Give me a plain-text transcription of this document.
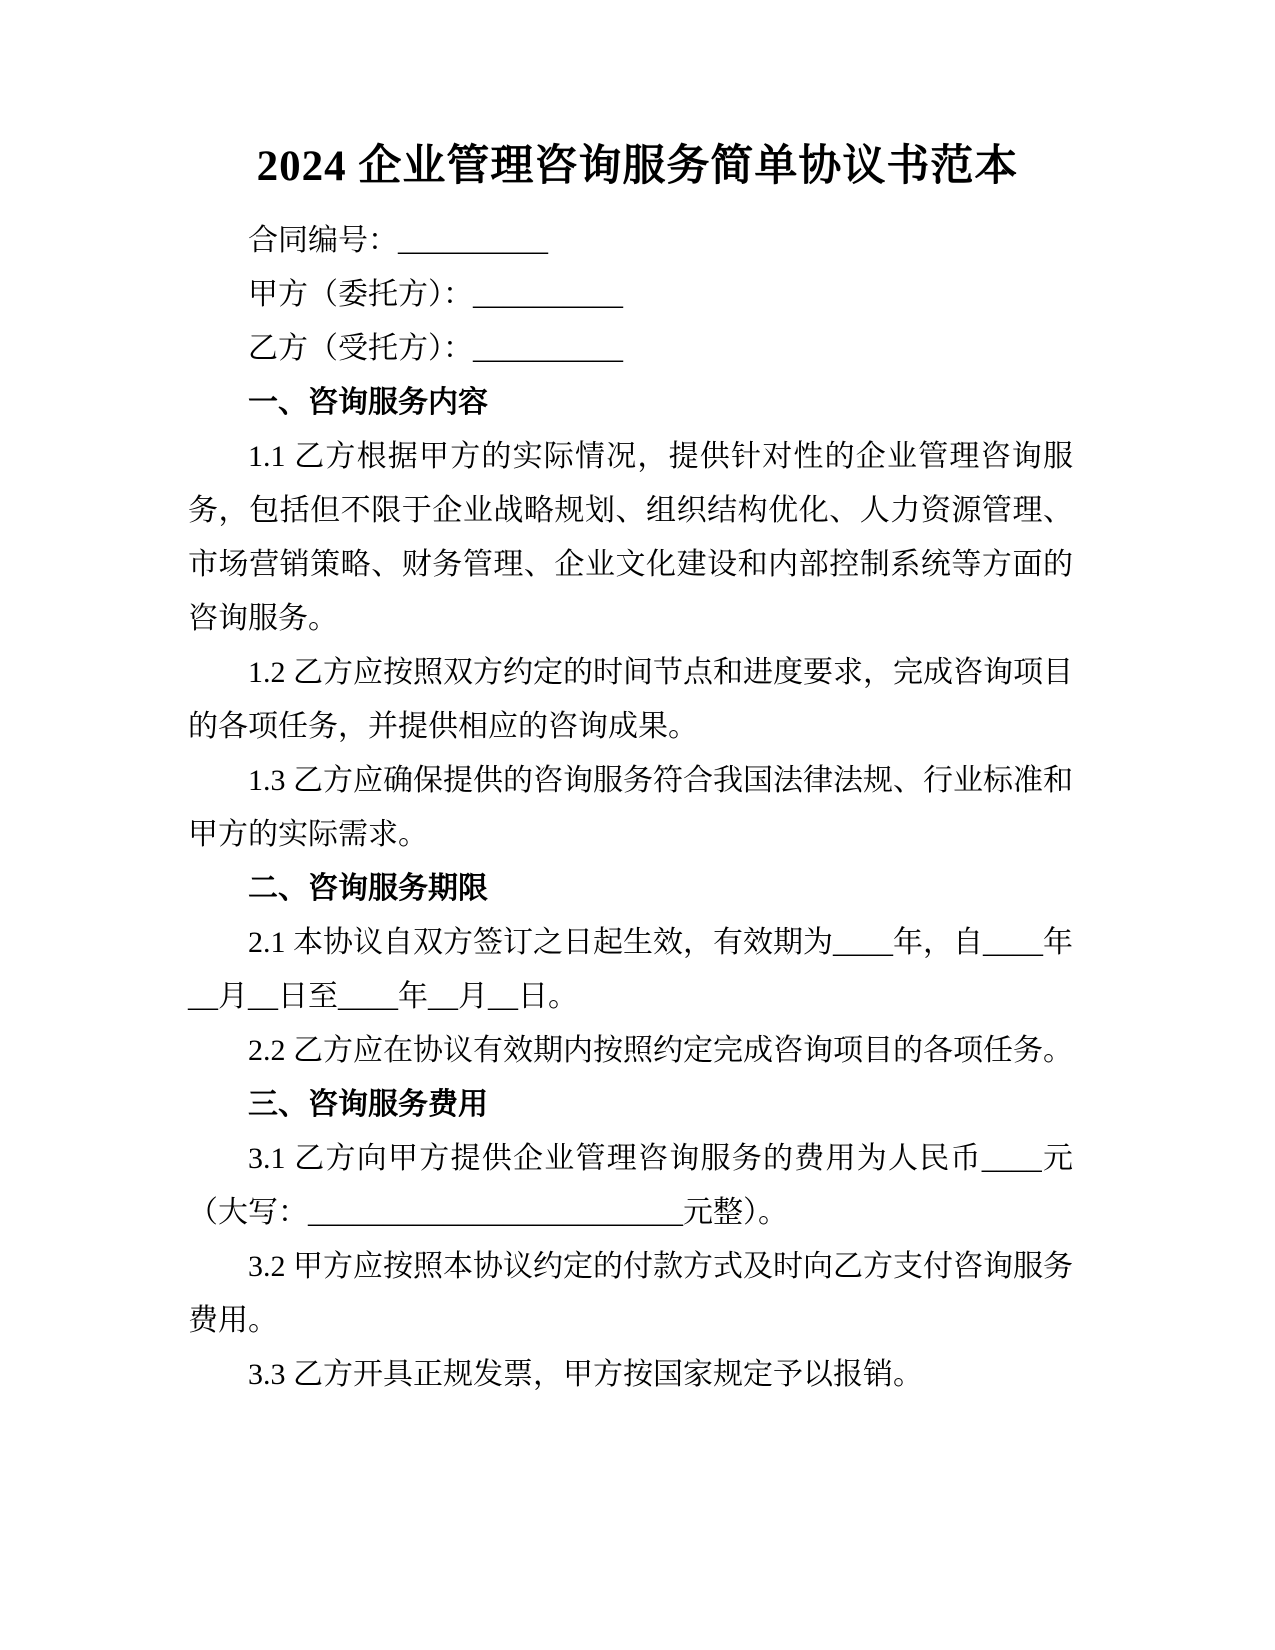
2024 企业管理咨询服务简单协议书范本

合同编号：__________

甲方（委托方）：__________

乙方（受托方）：__________

一、咨询服务内容

1.1 乙方根据甲方的实际情况，提供针对性的企业管理咨询服务，包括但不限于企业战略规划、组织结构优化、人力资源管理、市场营销策略、财务管理、企业文化建设和内部控制系统等方面的咨询服务。

1.2 乙方应按照双方约定的时间节点和进度要求，完成咨询项目的各项任务，并提供相应的咨询成果。

1.3 乙方应确保提供的咨询服务符合我国法律法规、行业标准和甲方的实际需求。

二、咨询服务期限

2.1 本协议自双方签订之日起生效，有效期为____年，自____年__月__日至____年__月__日。

2.2 乙方应在协议有效期内按照约定完成咨询项目的各项任务。

三、咨询服务费用

3.1 乙方向甲方提供企业管理咨询服务的费用为人民币____元（大写：_________________________元整）。

3.2 甲方应按照本协议约定的付款方式及时向乙方支付咨询服务费用。

3.3 乙方开具正规发票，甲方按国家规定予以报销。
